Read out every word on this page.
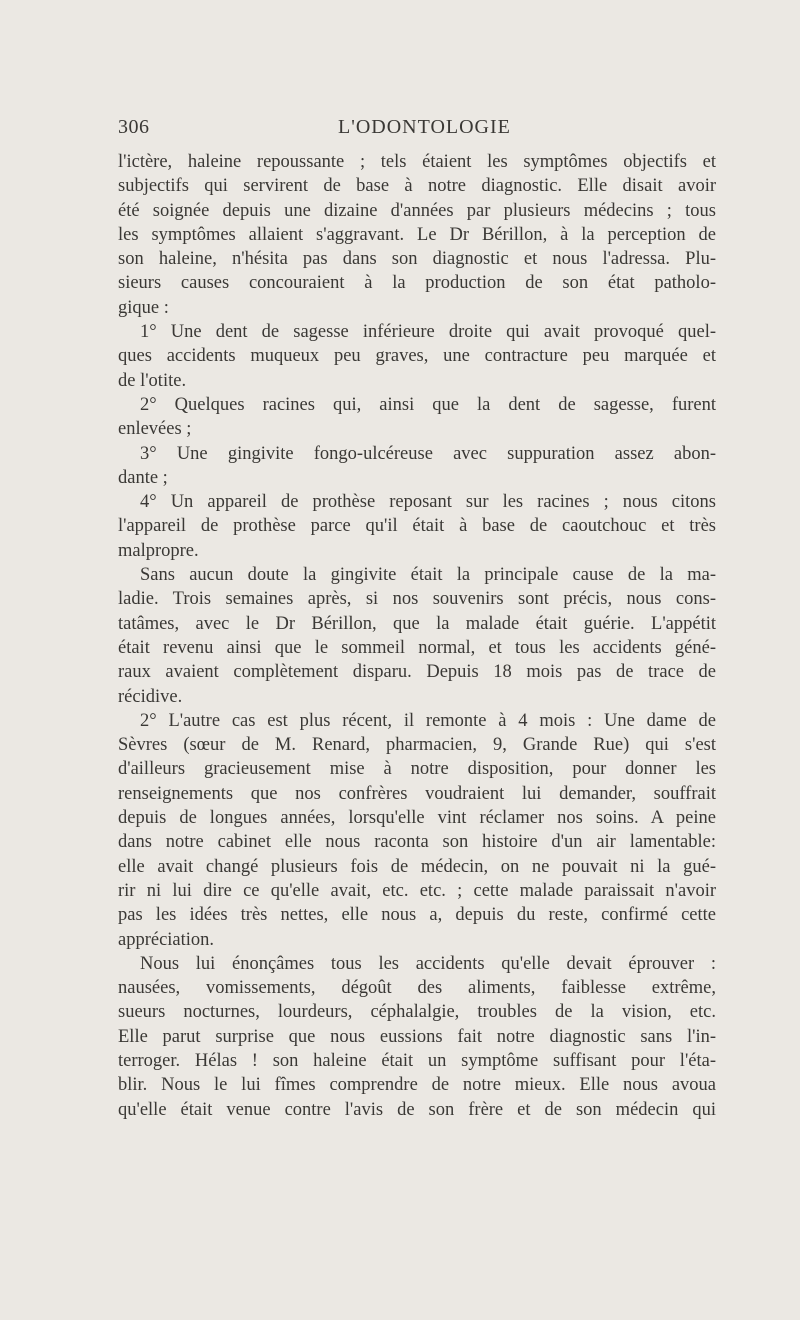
306	L'ODONTOLOGIE
l'ictère, haleine repoussante ; tels étaient les symptômes objectifs et
subjectifs qui servirent de base à notre diagnostic. Elle disait avoir
été soignée depuis une dizaine d'années par plusieurs médecins ; tous
les symptômes allaient s'aggravant. Le Dr Bérillon, à la perception de
son haleine, n'hésita pas dans son diagnostic et nous l'adressa. Plu-
sieurs causes concouraient à la production de son état patholo-
gique :
1° Une dent de sagesse inférieure droite qui avait provoqué quel-
ques accidents muqueux peu graves, une contracture peu marquée et
de l'otite.
2° Quelques racines qui, ainsi que la dent de sagesse, furent
enlevées ;
3° Une gingivite fongo-ulcéreuse avec suppuration assez abon-
dante ;
4° Un appareil de prothèse reposant sur les racines ; nous citons
l'appareil de prothèse parce qu'il était à base de caoutchouc et très
malpropre.
Sans aucun doute la gingivite était la principale cause de la ma-
ladie. Trois semaines après, si nos souvenirs sont précis, nous cons-
tatâmes, avec le Dr Bérillon, que la malade était guérie. L'appétit
était revenu ainsi que le sommeil normal, et tous les accidents géné-
raux avaient complètement disparu. Depuis 18 mois pas de trace de
récidive.
2° L'autre cas est plus récent, il remonte à 4 mois : Une dame de
Sèvres (sœur de M. Renard, pharmacien, 9, Grande Rue) qui s'est
d'ailleurs gracieusement mise à notre disposition, pour donner les
renseignements que nos confrères voudraient lui demander, souffrait
depuis de longues années, lorsqu'elle vint réclamer nos soins. A peine
dans notre cabinet elle nous raconta son histoire d'un air lamentable:
elle avait changé plusieurs fois de médecin, on ne pouvait ni la gué-
rir ni lui dire ce qu'elle avait, etc. etc. ; cette malade paraissait n'avoir
pas les idées très nettes, elle nous a, depuis du reste, confirmé cette
appréciation.
Nous lui énonçâmes tous les accidents qu'elle devait éprouver :
nausées, vomissements, dégoût des aliments, faiblesse extrême,
sueurs nocturnes, lourdeurs, céphalalgie, troubles de la vision, etc.
Elle parut surprise que nous eussions fait notre diagnostic sans l'in-
terroger. Hélas ! son haleine était un symptôme suffisant pour l'éta-
blir. Nous le lui fîmes comprendre de notre mieux. Elle nous avoua
qu'elle était venue contre l'avis de son frère et de son médecin qui
